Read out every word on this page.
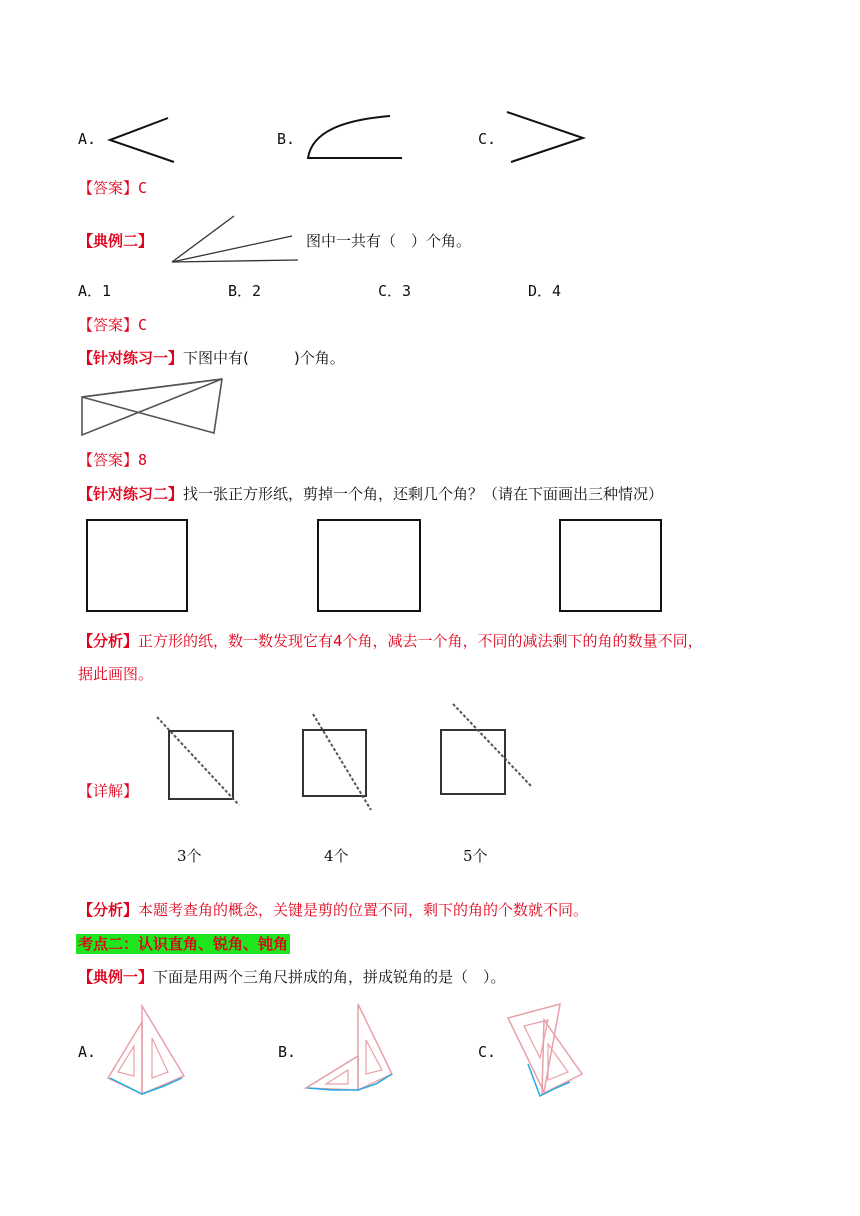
A.	B.	C.
【答案】C
【典例二】	图中一共有（　）个角。
A．1	B．2	C．3	D．4
【答案】C
【针对练习一】下图中有(　　　)个角。
【答案】8
【针对练习二】找一张正方形纸，剪掉一个角，还剩几个角？（请在下面画出三种情况）
【分析】正方形的纸，数一数发现它有4个角，减去一个角，不同的减法剩下的角的数量不同，
据此画图。
【详解】
3个	4个	5个
【分析】本题考查角的概念，关键是剪的位置不同，剩下的角的个数就不同。
考点二：认识直角、锐角、钝角
【典例一】下面是用两个三角尺拼成的角，拼成锐角的是（　）。
A.	B.	C.
